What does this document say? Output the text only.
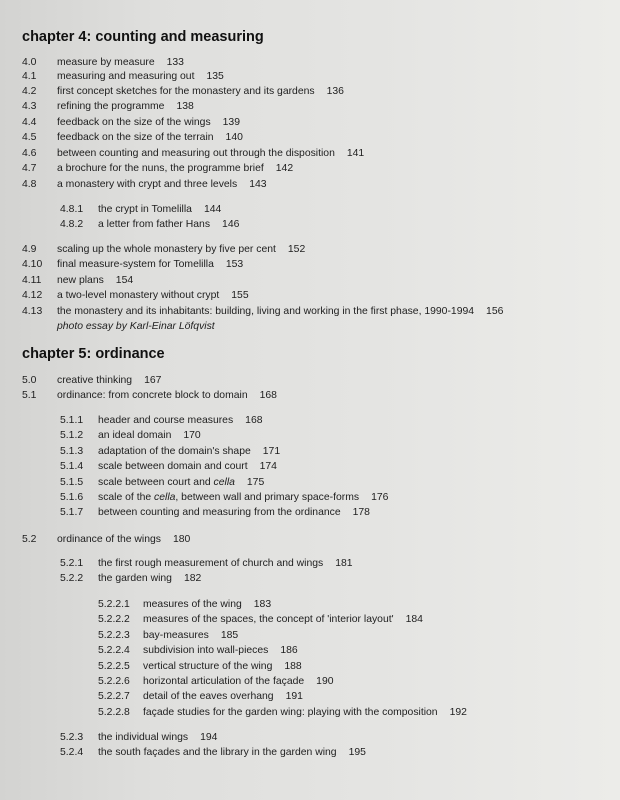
chapter 4: counting and measuring
4.0 measure by measure 133
4.1 measuring and measuring out 135
4.2 first concept sketches for the monastery and its gardens 136
4.3 refining the programme 138
4.4 feedback on the size of the wings 139
4.5 feedback on the size of the terrain 140
4.6 between counting and measuring out through the disposition 141
4.7 a brochure for the nuns, the programme brief 142
4.8 a monastery with crypt and three levels 143
4.8.1 the crypt in Tomelilla 144
4.8.2 a letter from father Hans 146
4.9 scaling up the whole monastery by five per cent 152
4.10 final measure-system for Tomelilla 153
4.11 new plans 154
4.12 a two-level monastery without crypt 155
4.13 the monastery and its inhabitants: building, living and working in the first phase, 1990-1994 156
photo essay by Karl-Einar Löfqvist
chapter 5: ordinance
5.0 creative thinking 167
5.1 ordinance: from concrete block to domain 168
5.1.1 header and course measures 168
5.1.2 an ideal domain 170
5.1.3 adaptation of the domain's shape 171
5.1.4 scale between domain and court 174
5.1.5 scale between court and cella 175
5.1.6 scale of the cella, between wall and primary space-forms 176
5.1.7 between counting and measuring from the ordinance 178
5.2 ordinance of the wings 180
5.2.1 the first rough measurement of church and wings 181
5.2.2 the garden wing 182
5.2.2.1 measures of the wing 183
5.2.2.2 measures of the spaces, the concept of 'interior layout' 184
5.2.2.3 bay-measures 185
5.2.2.4 subdivision into wall-pieces 186
5.2.2.5 vertical structure of the wing 188
5.2.2.6 horizontal articulation of the façade 190
5.2.2.7 detail of the eaves overhang 191
5.2.2.8 façade studies for the garden wing: playing with the composition 192
5.2.3 the individual wings 194
5.2.4 the south façades and the library in the garden wing 195
